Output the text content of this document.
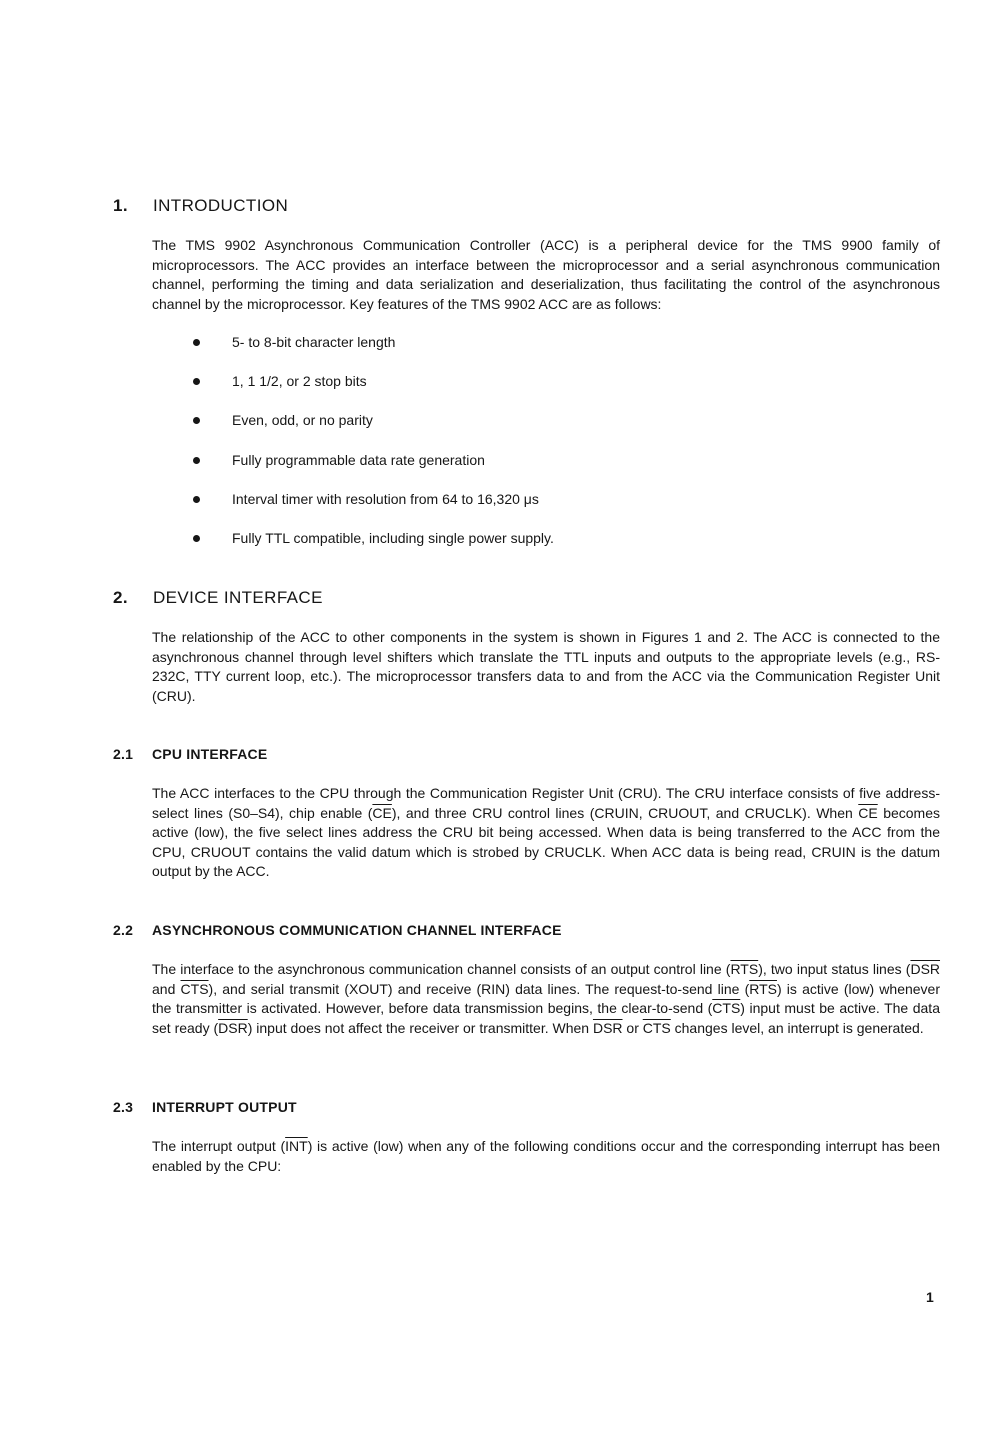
1. INTRODUCTION

The TMS 9902 Asynchronous Communication Controller (ACC) is a peripheral device for the TMS 9900 family of microprocessors. The ACC provides an interface between the microprocessor and a serial asynchronous communication channel, performing the timing and data serialization and deserialization, thus facilitating the control of the asynchronous channel by the microprocessor. Key features of the TMS 9902 ACC are as follows:

5- to 8-bit character length
1, 1 1/2, or 2 stop bits
Even, odd, or no parity
Fully programmable data rate generation
Interval timer with resolution from 64 to 16,320 μs
Fully TTL compatible, including single power supply.
2. DEVICE INTERFACE

The relationship of the ACC to other components in the system is shown in Figures 1 and 2. The ACC is connected to the asynchronous channel through level shifters which translate the TTL inputs and outputs to the appropriate levels (e.g., RS-232C, TTY current loop, etc.). The microprocessor transfers data to and from the ACC via the Communication Register Unit (CRU).

2.1 CPU INTERFACE

The ACC interfaces to the CPU through the Communication Register Unit (CRU). The CRU interface consists of five address-select lines (S0–S4), chip enable $(\overline{CE})$, and three CRU control lines (CRUIN, CRUOUT, and CRUCLK). When $\overline{CE}$ becomes active (low), the five select lines address the CRU bit being accessed. When data is being transferred to the ACC from the CPU, CRUOUT contains the valid datum which is strobed by CRUCLK. When ACC data is being read, CRUIN is the datum output by the ACC.

2.2 ASYNCHRONOUS COMMUNICATION CHANNEL INTERFACE

The interface to the asynchronous communication channel consists of an output control line $(\overline{RTS})$, two input status lines ($\overline{DSR}$ and $\overline{CTS}$), and serial transmit (XOUT) and receive (RIN) data lines. The request-to-send line $(\overline{RTS})$ is active (low) whenever the transmitter is activated. However, before data transmission begins, the clear-to-send $(\overline{CTS})$ input must be active. The data set ready $(\overline{DSR})$ input does not affect the receiver or transmitter. When $\overline{DSR}$ or $\overline{CTS}$ changes level, an interrupt is generated.

2.3 INTERRUPT OUTPUT

The interrupt output $(\overline{INT})$ is active (low) when any of the following conditions occur and the corresponding interrupt has been enabled by the CPU:

1
